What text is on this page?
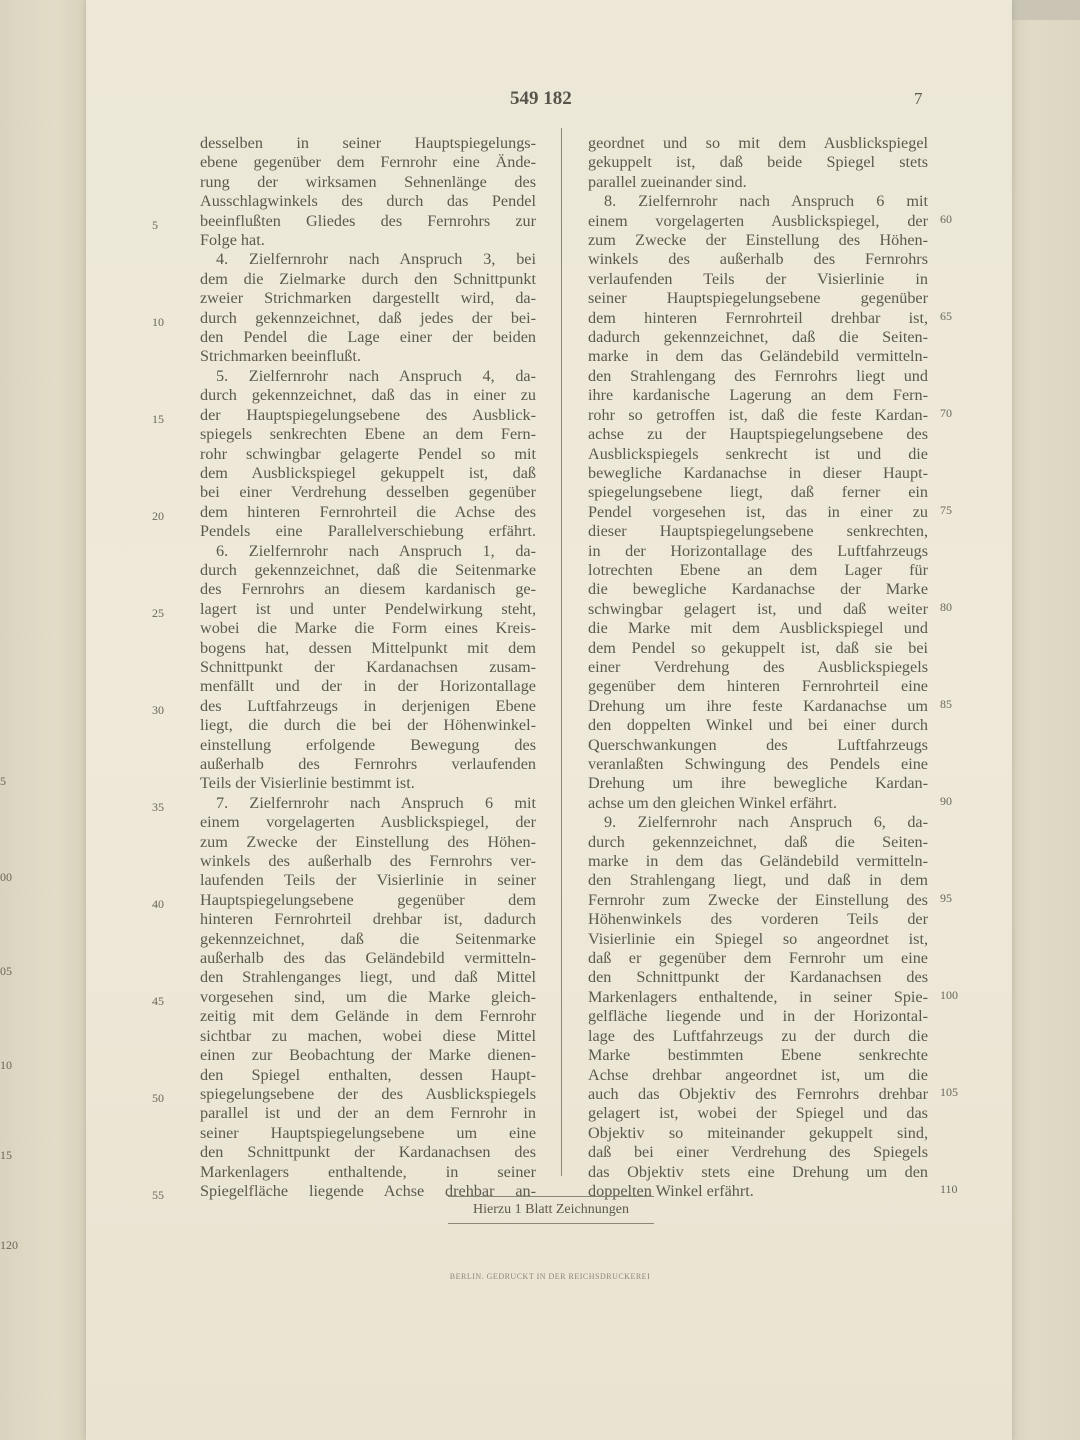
5
00
05
10
15
120
549 182	7
desselben in seiner Hauptspiegelungs-
ebene gegenüber dem Fernrohr eine Ände-
rung der wirksamen Sehnenlänge des
Ausschlagwinkels des durch das Pendel
beeinflußten Gliedes des Fernrohrs zur
Folge hat.
4. Zielfernrohr nach Anspruch 3, bei
dem die Zielmarke durch den Schnittpunkt
zweier Strichmarken dargestellt wird, da-
durch gekennzeichnet, daß jedes der bei-
den Pendel die Lage einer der beiden
Strichmarken beeinflußt.
5. Zielfernrohr nach Anspruch 4, da-
durch gekennzeichnet, daß das in einer zu
der Hauptspiegelungsebene des Ausblick-
spiegels senkrechten Ebene an dem Fern-
rohr schwingbar gelagerte Pendel so mit
dem Ausblickspiegel gekuppelt ist, daß
bei einer Verdrehung desselben gegenüber
dem hinteren Fernrohrteil die Achse des
Pendels eine Parallelverschiebung erfährt.
6. Zielfernrohr nach Anspruch 1, da-
durch gekennzeichnet, daß die Seitenmarke
des Fernrohrs an diesem kardanisch ge-
lagert ist und unter Pendelwirkung steht,
wobei die Marke die Form eines Kreis-
bogens hat, dessen Mittelpunkt mit dem
Schnittpunkt der Kardanachsen zusam-
menfällt und der in der Horizontallage
des Luftfahrzeugs in derjenigen Ebene
liegt, die durch die bei der Höhenwinkel-
einstellung erfolgende Bewegung des
außerhalb des Fernrohrs verlaufenden
Teils der Visierlinie bestimmt ist.
7. Zielfernrohr nach Anspruch 6 mit
einem vorgelagerten Ausblickspiegel, der
zum Zwecke der Einstellung des Höhen-
winkels des außerhalb des Fernrohrs ver-
laufenden Teils der Visierlinie in seiner
Hauptspiegelungsebene gegenüber dem
hinteren Fernrohrteil drehbar ist, dadurch
gekennzeichnet, daß die Seitenmarke
außerhalb des das Geländebild vermitteln-
den Strahlenganges liegt, und daß Mittel
vorgesehen sind, um die Marke gleich-
zeitig mit dem Gelände in dem Fernrohr
sichtbar zu machen, wobei diese Mittel
einen zur Beobachtung der Marke dienen-
den Spiegel enthalten, dessen Haupt-
spiegelungsebene der des Ausblickspiegels
parallel ist und der an dem Fernrohr in
seiner Hauptspiegelungsebene um eine
den Schnittpunkt der Kardanachsen des
Markenlagers enthaltende, in seiner
Spiegelfläche liegende Achse drehbar an-
geordnet und so mit dem Ausblickspiegel
gekuppelt ist, daß beide Spiegel stets
parallel zueinander sind.
8. Zielfernrohr nach Anspruch 6 mit
einem vorgelagerten Ausblickspiegel, der
zum Zwecke der Einstellung des Höhen-
winkels des außerhalb des Fernrohrs
verlaufenden Teils der Visierlinie in
seiner Hauptspiegelungsebene gegenüber
dem hinteren Fernrohrteil drehbar ist,
dadurch gekennzeichnet, daß die Seiten-
marke in dem das Geländebild vermitteln-
den Strahlengang des Fernrohrs liegt und
ihre kardanische Lagerung an dem Fern-
rohr so getroffen ist, daß die feste Kardan-
achse zu der Hauptspiegelungsebene des
Ausblickspiegels senkrecht ist und die
bewegliche Kardanachse in dieser Haupt-
spiegelungsebene liegt, daß ferner ein
Pendel vorgesehen ist, das in einer zu
dieser Hauptspiegelungsebene senkrechten,
in der Horizontallage des Luftfahrzeugs
lotrechten Ebene an dem Lager für
die bewegliche Kardanachse der Marke
schwingbar gelagert ist, und daß weiter
die Marke mit dem Ausblickspiegel und
dem Pendel so gekuppelt ist, daß sie bei
einer Verdrehung des Ausblickspiegels
gegenüber dem hinteren Fernrohrteil eine
Drehung um ihre feste Kardanachse um
den doppelten Winkel und bei einer durch
Querschwankungen des Luftfahrzeugs
veranlaßten Schwingung des Pendels eine
Drehung um ihre bewegliche Kardan-
achse um den gleichen Winkel erfährt.
9. Zielfernrohr nach Anspruch 6, da-
durch gekennzeichnet, daß die Seiten-
marke in dem das Geländebild vermitteln-
den Strahlengang liegt, und daß in dem
Fernrohr zum Zwecke der Einstellung des
Höhenwinkels des vorderen Teils der
Visierlinie ein Spiegel so angeordnet ist,
daß er gegenüber dem Fernrohr um eine
den Schnittpunkt der Kardanachsen des
Markenlagers enthaltende, in seiner Spie-
gelfläche liegende und in der Horizontal-
lage des Luftfahrzeugs zu der durch die
Marke bestimmten Ebene senkrechte
Achse drehbar angeordnet ist, um die
auch das Objektiv des Fernrohrs drehbar
gelagert ist, wobei der Spiegel und das
Objektiv so miteinander gekuppelt sind,
daß bei einer Verdrehung des Spiegels
das Objektiv stets eine Drehung um den
doppelten Winkel erfährt.
5
10
15
20
25
30
35
40
45
50
55
60
65
70
75
80
85
90
95
100
105
110
Hierzu 1 Blatt Zeichnungen
BERLIN. GEDRUCKT IN DER REICHSDRUCKEREI
